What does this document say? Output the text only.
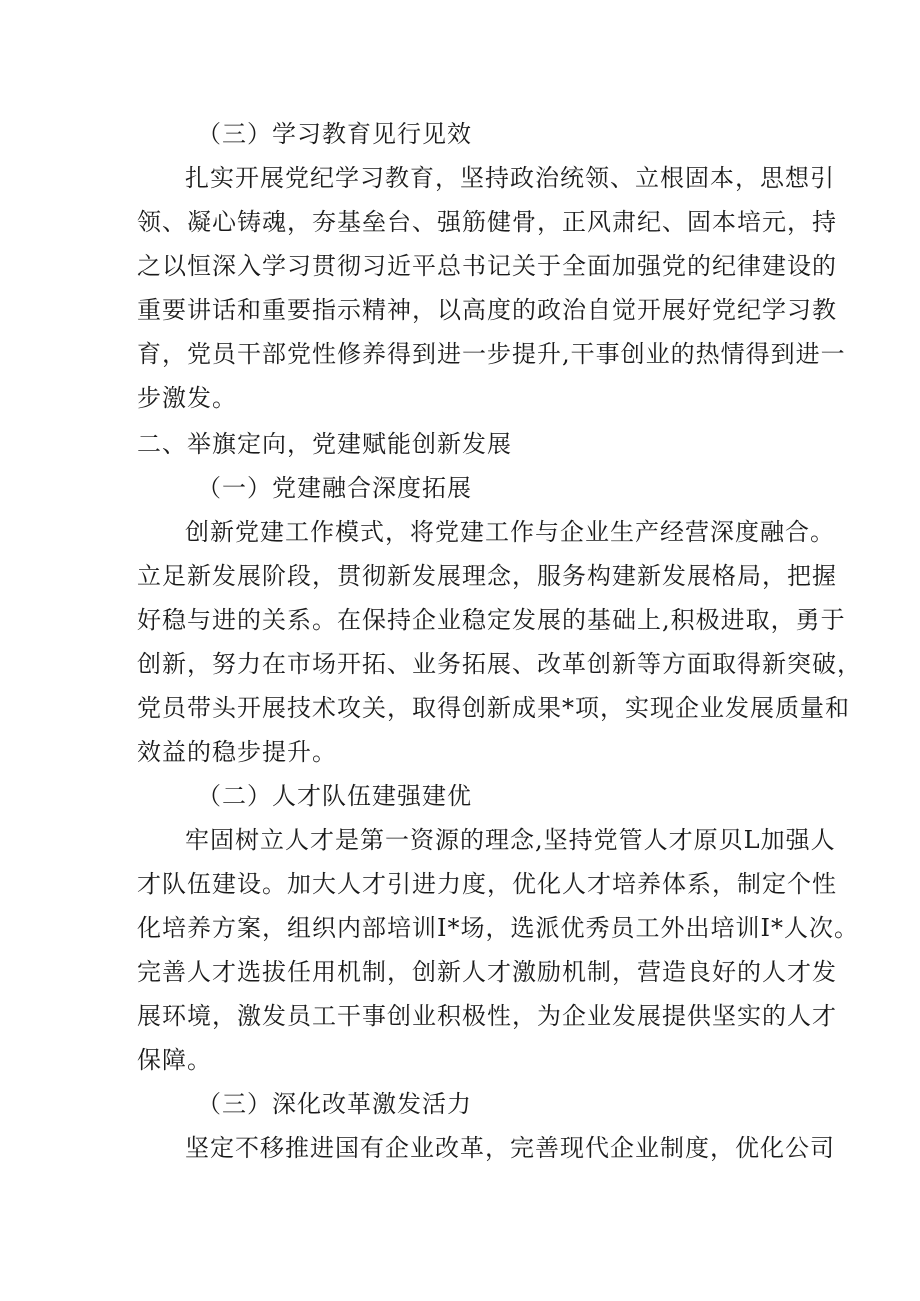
（三）学习教育见行见效

扎实开展党纪学习教育，坚持政治统领、立根固本，思想引

领、凝心铸魂，夯基垒台、强筋健骨，正风肃纪、固本培元，持

之以恒深入学习贯彻习近平总书记关于全面加强党的纪律建设的

重要讲话和重要指示精神，以高度的政治自觉开展好党纪学习教

育，党员干部党性修养得到进一步提升,干事创业的热情得到进一

步激发。

二、举旗定向，党建赋能创新发展

（一）党建融合深度拓展

创新党建工作模式，将党建工作与企业生产经营深度融合。

立足新发展阶段，贯彻新发展理念，服务构建新发展格局，把握

好稳与进的关系。在保持企业稳定发展的基础上,积极进取，勇于

创新，努力在市场开拓、业务拓展、改革创新等方面取得新突破，

党员带头开展技术攻关，取得创新成果*项，实现企业发展质量和

效益的稳步提升。

（二）人才队伍建强建优

牢固树立人才是第一资源的理念,坚持党管人才原贝L加强人

才队伍建设。加大人才引进力度，优化人才培养体系，制定个性

化培养方案，组织内部培训I*场，选派优秀员工外出培训I*人次。

完善人才选拔任用机制，创新人才激励机制，营造良好的人才发

展环境，激发员工干事创业积极性，为企业发展提供坚实的人才

保障。

（三）深化改革激发活力

坚定不移推进国有企业改革，完善现代企业制度，优化公司
